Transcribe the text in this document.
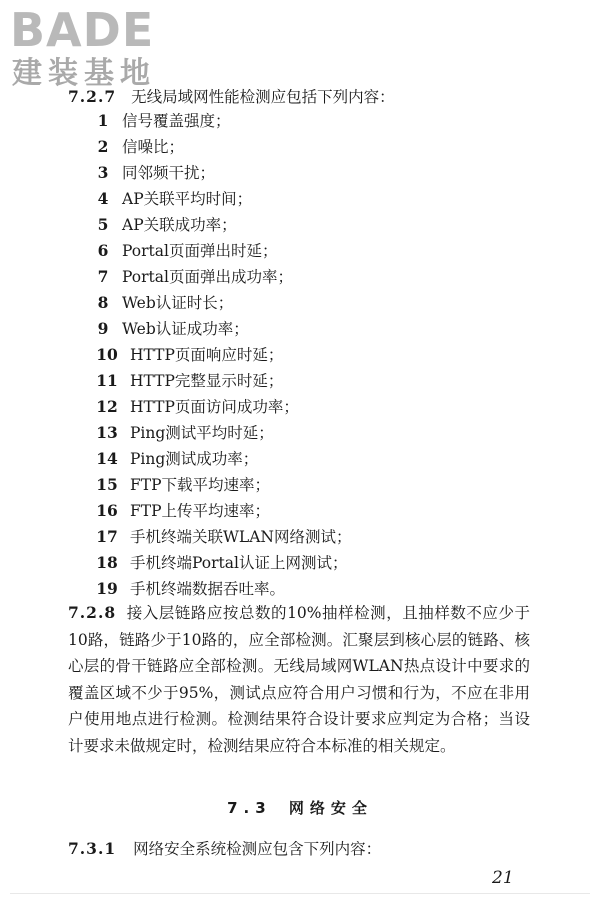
BADE
建装基地
7.2.7 无线局域网性能检测应包括下列内容：
1 信号覆盖强度；
2 信噪比；
3 同邻频干扰；
4 AP关联平均时间；
5 AP关联成功率；
6 Portal页面弹出时延；
7 Portal页面弹出成功率；
8 Web认证时长；
9 Web认证成功率；
10 HTTP页面响应时延；
11 HTTP完整显示时延；
12 HTTP页面访问成功率；
13 Ping测试平均时延；
14 Ping测试成功率；
15 FTP下载平均速率；
16 FTP上传平均速率；
17 手机终端关联WLAN网络测试；
18 手机终端Portal认证上网测试；
19 手机终端数据吞吐率。
7.2.8 接入层链路应按总数的10%抽样检测，且抽样数不应少于10路，链路少于10路的，应全部检测。汇聚层到核心层的链路、核心层的骨干链路应全部检测。无线局域网WLAN热点设计中要求的覆盖区域不少于95%，测试点应符合用户习惯和行为，不应在非用户使用地点进行检测。检测结果符合设计要求应判定为合格；当设计要求未做规定时，检测结果应符合本标准的相关规定。
7.3 网络安全
7.3.1 网络安全系统检测应包含下列内容：
21
